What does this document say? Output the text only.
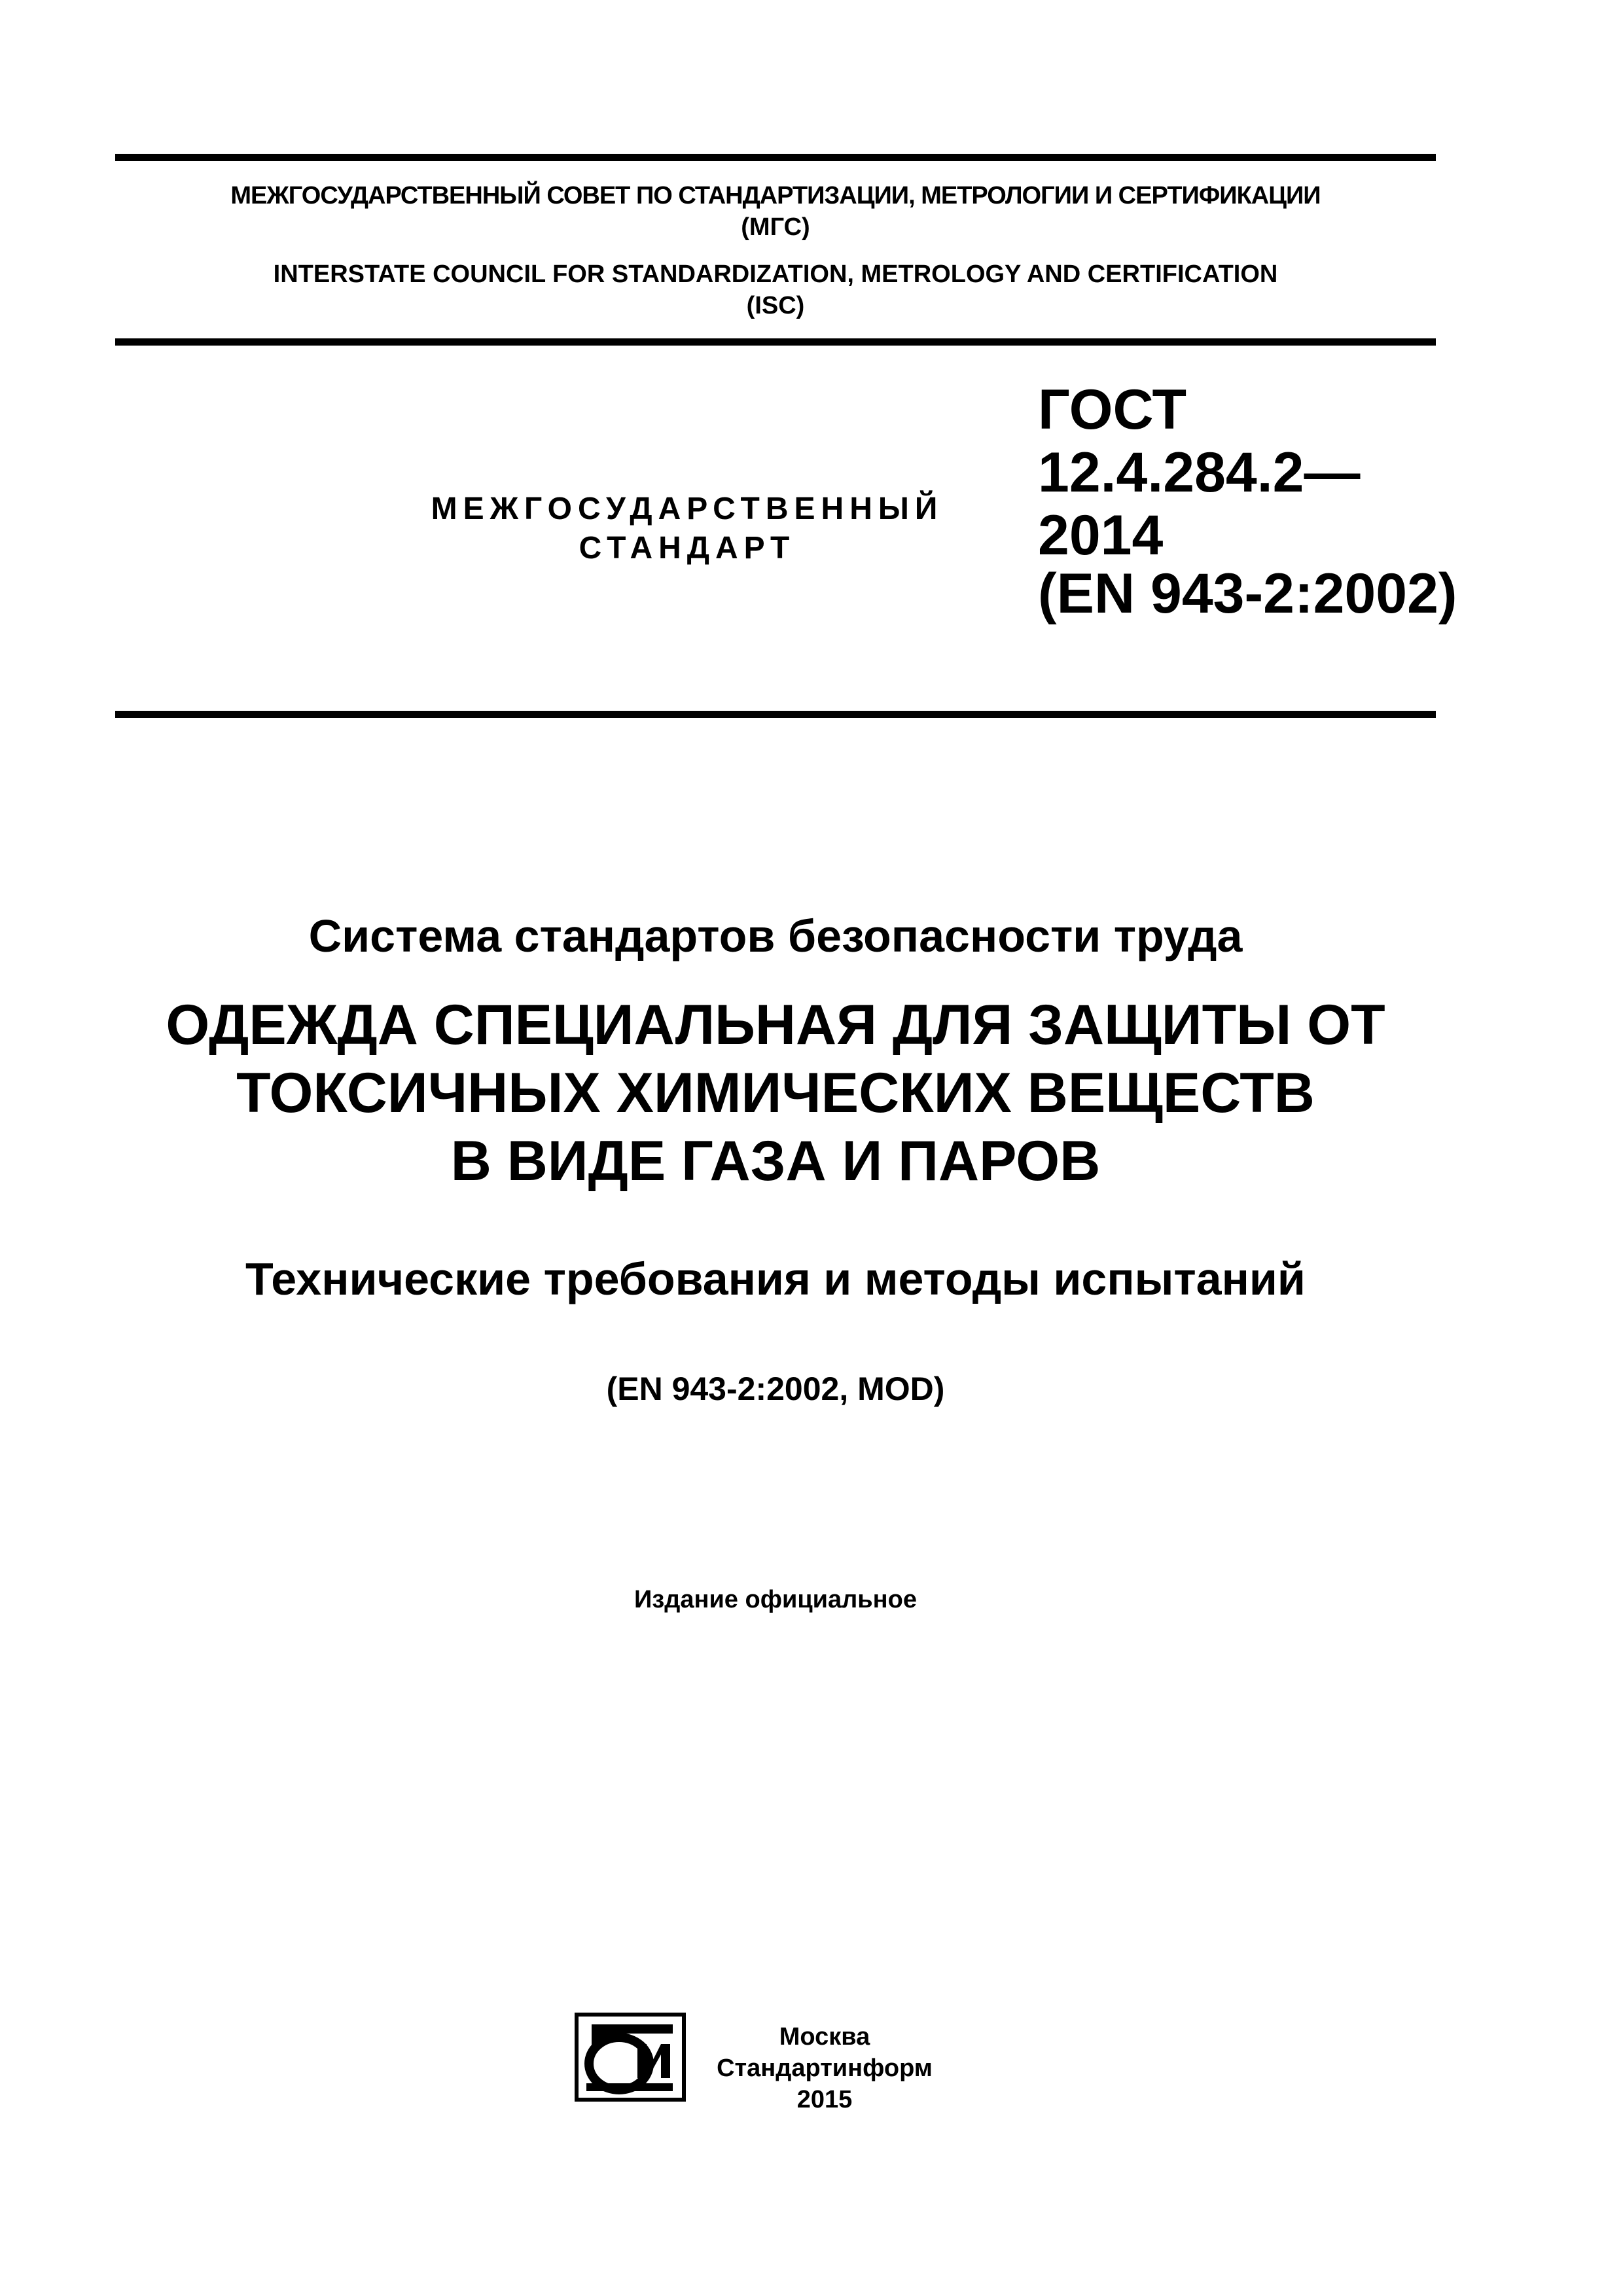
МЕЖГОСУДАРСТВЕННЫЙ СОВЕТ ПО СТАНДАРТИЗАЦИИ, МЕТРОЛОГИИ И СЕРТИФИКАЦИИ
(МГС)
INTERSTATE COUNCIL FOR STANDARDIZATION, METROLOGY AND CERTIFICATION
(ISC)
МЕЖГОСУДАРСТВЕННЫЙ
СТАНДАРТ
ГОСТ
12.4.284.2—
2014
(EN 943-2:2002)
Система стандартов безопасности труда
ОДЕЖДА СПЕЦИАЛЬНАЯ ДЛЯ ЗАЩИТЫ ОТ
ТОКСИЧНЫХ ХИМИЧЕСКИХ ВЕЩЕСТВ
В ВИДЕ ГАЗА И ПАРОВ
Технические требования и методы испытаний
(EN 943-2:2002, MOD)
Издание официальное
Москва
Стандартинформ
2015
